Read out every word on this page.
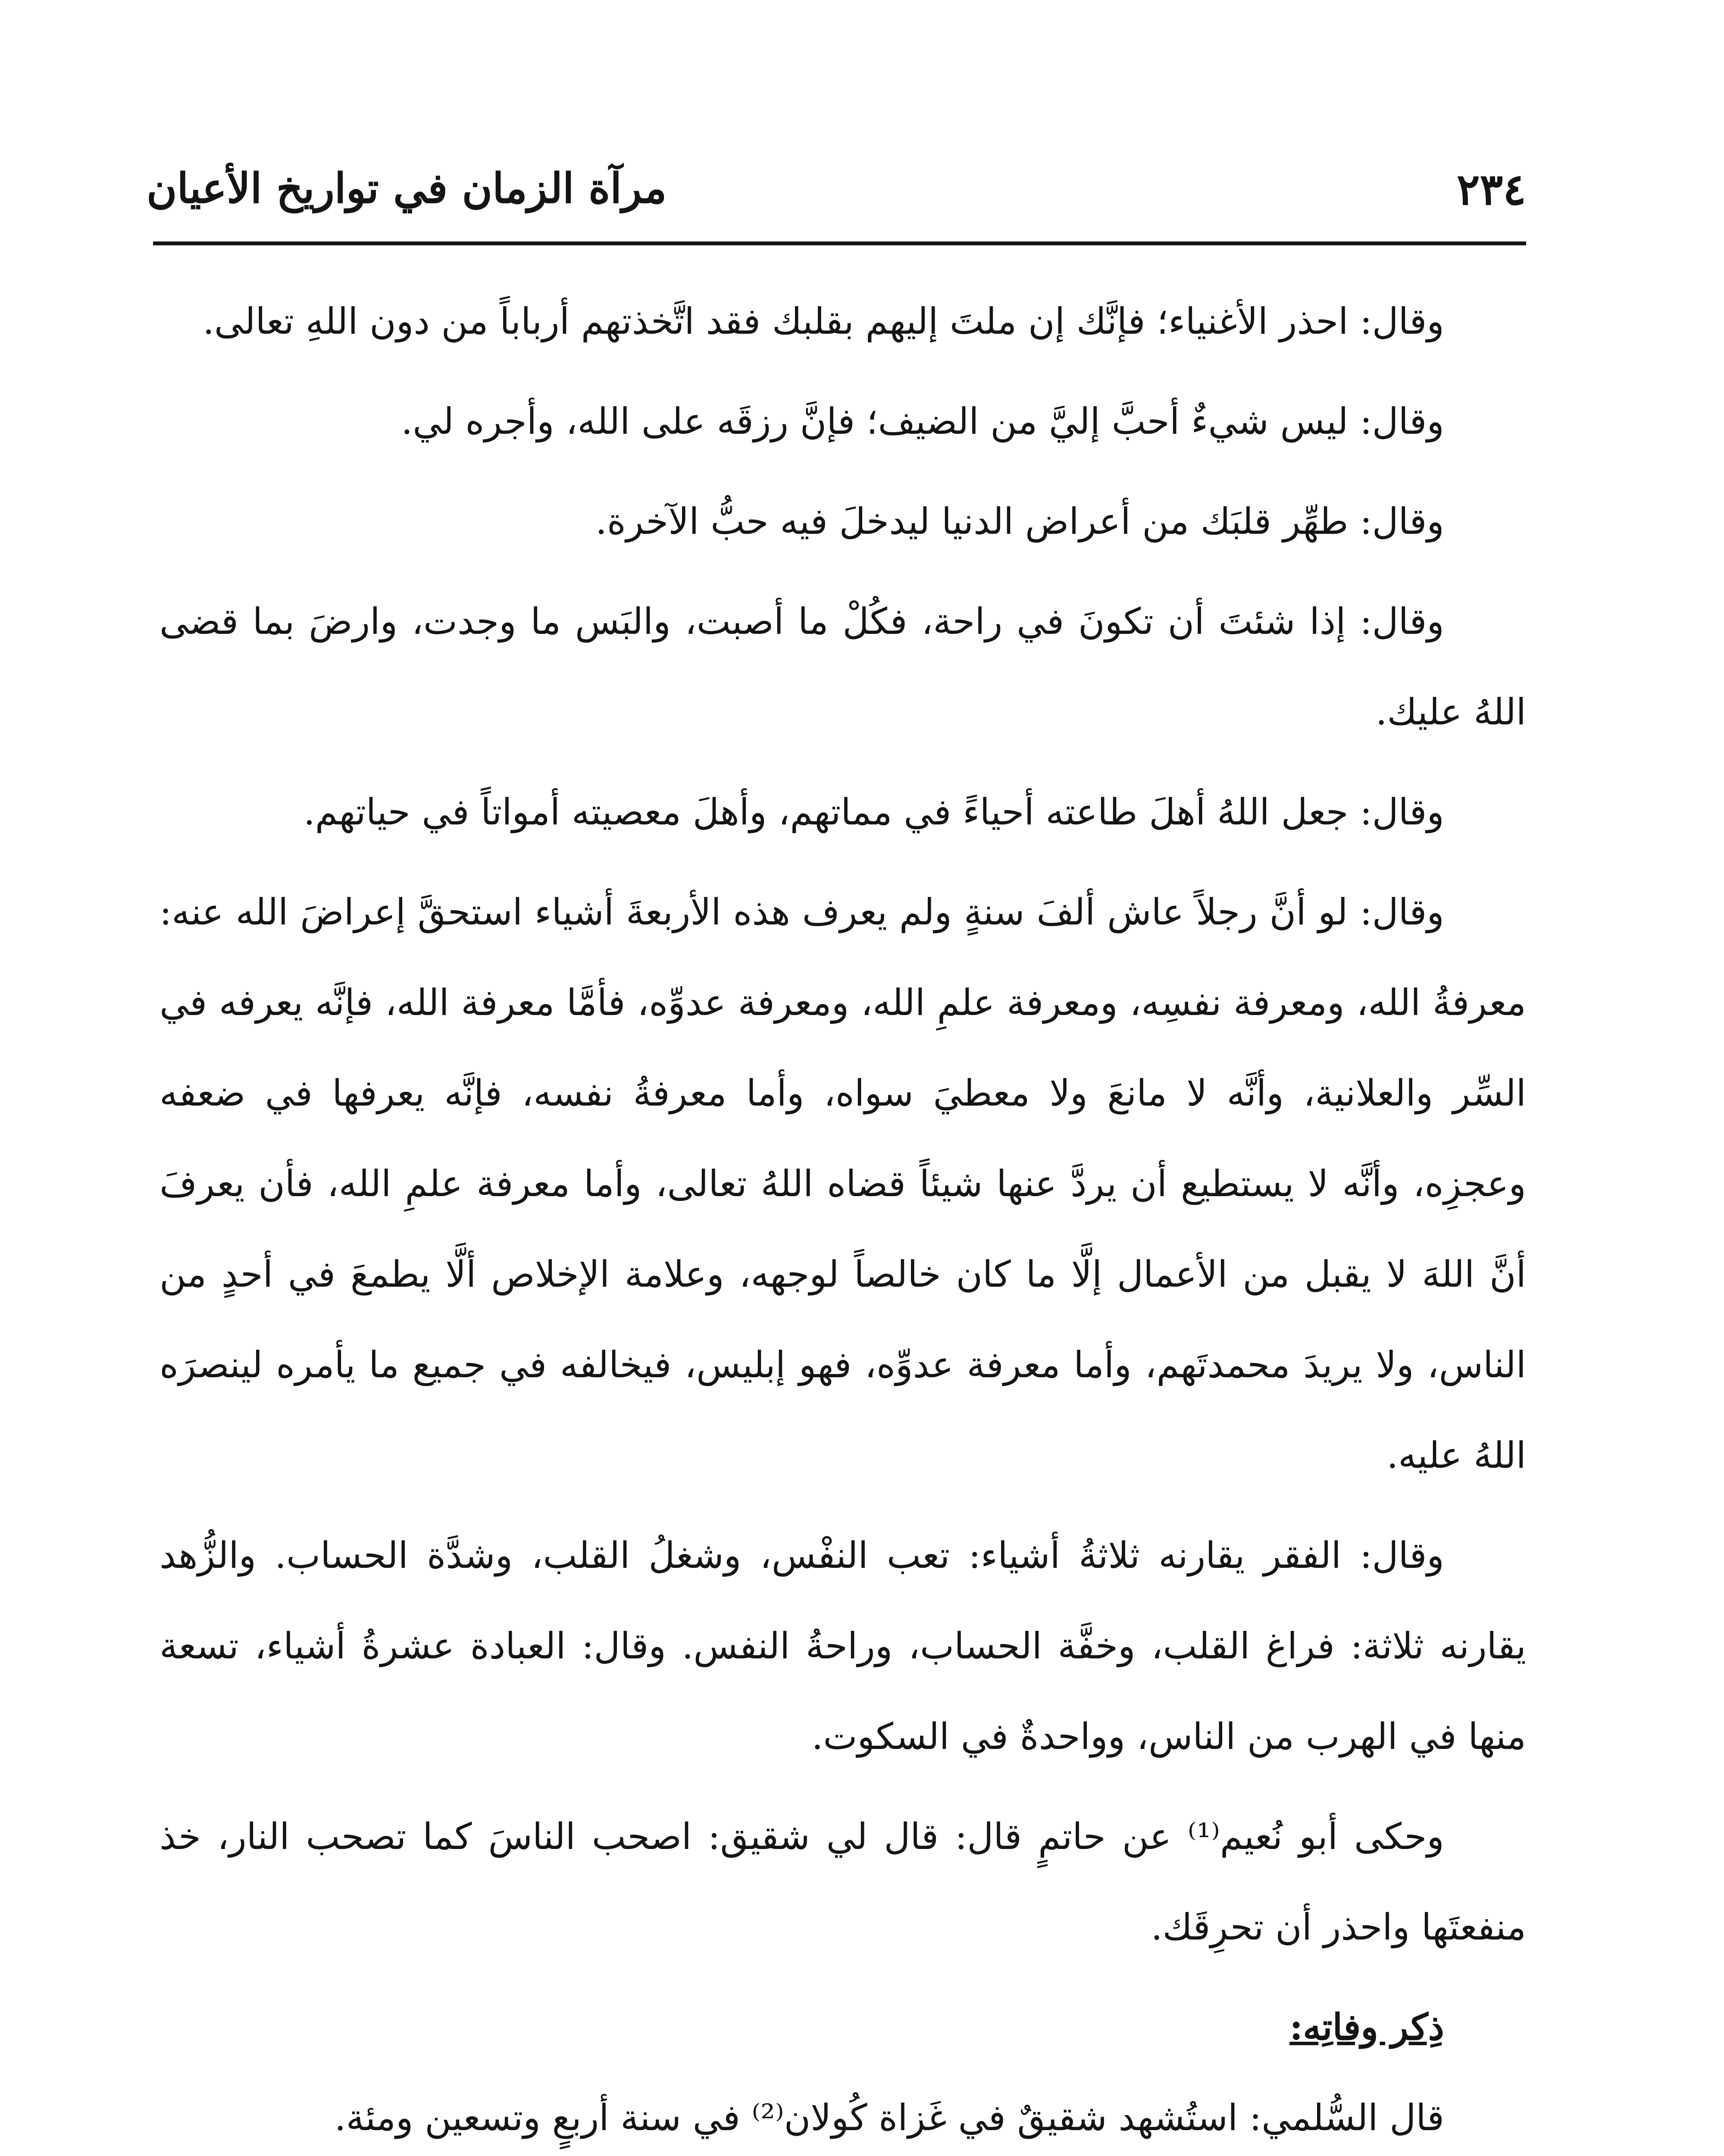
٢٣٤
مرآة الزمان في تواريخ الأعيان

وقال: احذر الأغنياء؛ فإنَّك إن ملتَ إليهم بقلبك فقد اتَّخذتهم أرباباً من دون اللهِ تعالى.

وقال: ليس شيءٌ أحبَّ إليَّ من الضيف؛ فإنَّ رزقَه على الله، وأجره لي.

وقال: طهِّر قلبَك من أعراض الدنيا ليدخلَ فيه حبُّ الآخرة.

وقال: إذا شئتَ أن تكونَ في راحة، فكُلْ ما أصبت، والبَس ما وجدت، وارضَ بما قضى اللهُ عليك.

وقال: جعل اللهُ أهلَ طاعته أحياءً في مماتهم، وأهلَ معصيته أمواتاً في حياتهم.

وقال: لو أنَّ رجلاً عاش ألفَ سنةٍ ولم يعرف هذه الأربعةَ أشياء استحقَّ إعراضَ الله عنه: معرفةُ الله، ومعرفة نفسِه، ومعرفة علمِ الله، ومعرفة عدوِّه، فأمَّا معرفة الله، فإنَّه يعرفه في السِّر والعلانية، وأنَّه لا مانعَ ولا معطيَ سواه، وأما معرفةُ نفسه، فإنَّه يعرفها في ضعفه وعجزِه، وأنَّه لا يستطيع أن يردَّ عنها شيئاً قضاه اللهُ تعالى، وأما معرفة علمِ الله، فأن يعرفَ أنَّ اللهَ لا يقبل من الأعمال إلَّا ما كان خالصاً لوجهه، وعلامة الإخلاص ألَّا يطمعَ في أحدٍ من الناس، ولا يريدَ محمدتَهم، وأما معرفة عدوِّه، فهو إبليس، فيخالفه في جميع ما يأمره لينصرَه اللهُ عليه.

وقال: الفقر يقارنه ثلاثةُ أشياء: تعب النفْس، وشغلُ القلب، وشدَّة الحساب. والزُّهد يقارنه ثلاثة: فراغ القلب، وخفَّة الحساب، وراحةُ النفس. وقال: العبادة عشرةُ أشياء، تسعة منها في الهرب من الناس، وواحدةٌ في السكوت.

وحكى أبو نُعيم⁽¹⁾ عن حاتمٍ قال: قال لي شقيق: اصحب الناسَ كما تصحب النار، خذ منفعتَها واحذر أن تحرِقَك.

ذِكر وفاتِه:

قال السُّلمي: استُشهد شقيقٌ في غَزاة كُولان⁽²⁾ في سنة أربعٍ وتسعين ومئة.
